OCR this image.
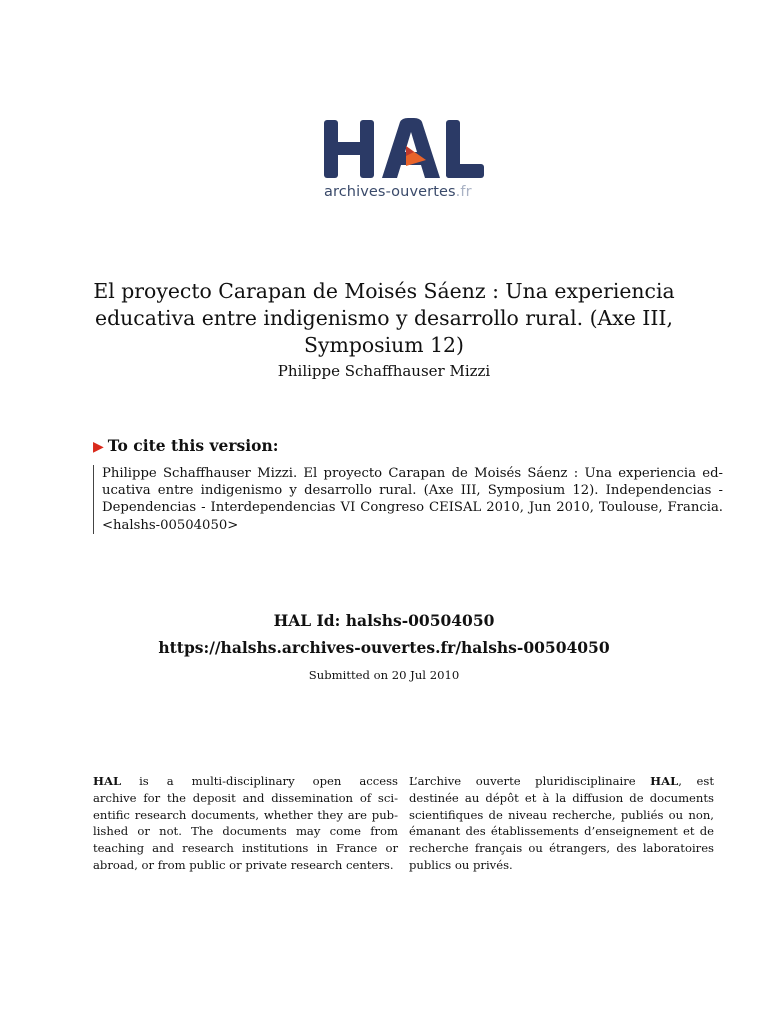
archives-ouvertes.fr
El proyecto Carapan de Moisés Sáenz : Una experiencia
educativa entre indigenismo y desarrollo rural. (Axe III,
Symposium 12)
Philippe Schaffhauser Mizzi
▶ To cite this version:
Philippe Schaffhauser Mizzi. El proyecto Carapan de Moisés Sáenz : Una experiencia ed-
ucativa entre indigenismo y desarrollo rural. (Axe III, Symposium 12). Independencias -
Dependencias - Interdependencias VI Congreso CEISAL 2010, Jun 2010, Toulouse, Francia.
<halshs-00504050>
HAL Id: halshs-00504050
https://halshs.archives-ouvertes.fr/halshs-00504050
Submitted on 20 Jul 2010
HAL is a multi-disciplinary open access
archive for the deposit and dissemination of sci-
entific research documents, whether they are pub-
lished or not. The documents may come from
teaching and research institutions in France or
abroad, or from public or private research centers.
L’archive ouverte pluridisciplinaire HAL, est
destinée au dépôt et à la diffusion de documents
scientifiques de niveau recherche, publiés ou non,
émanant des établissements d’enseignement et de
recherche français ou étrangers, des laboratoires
publics ou privés.
